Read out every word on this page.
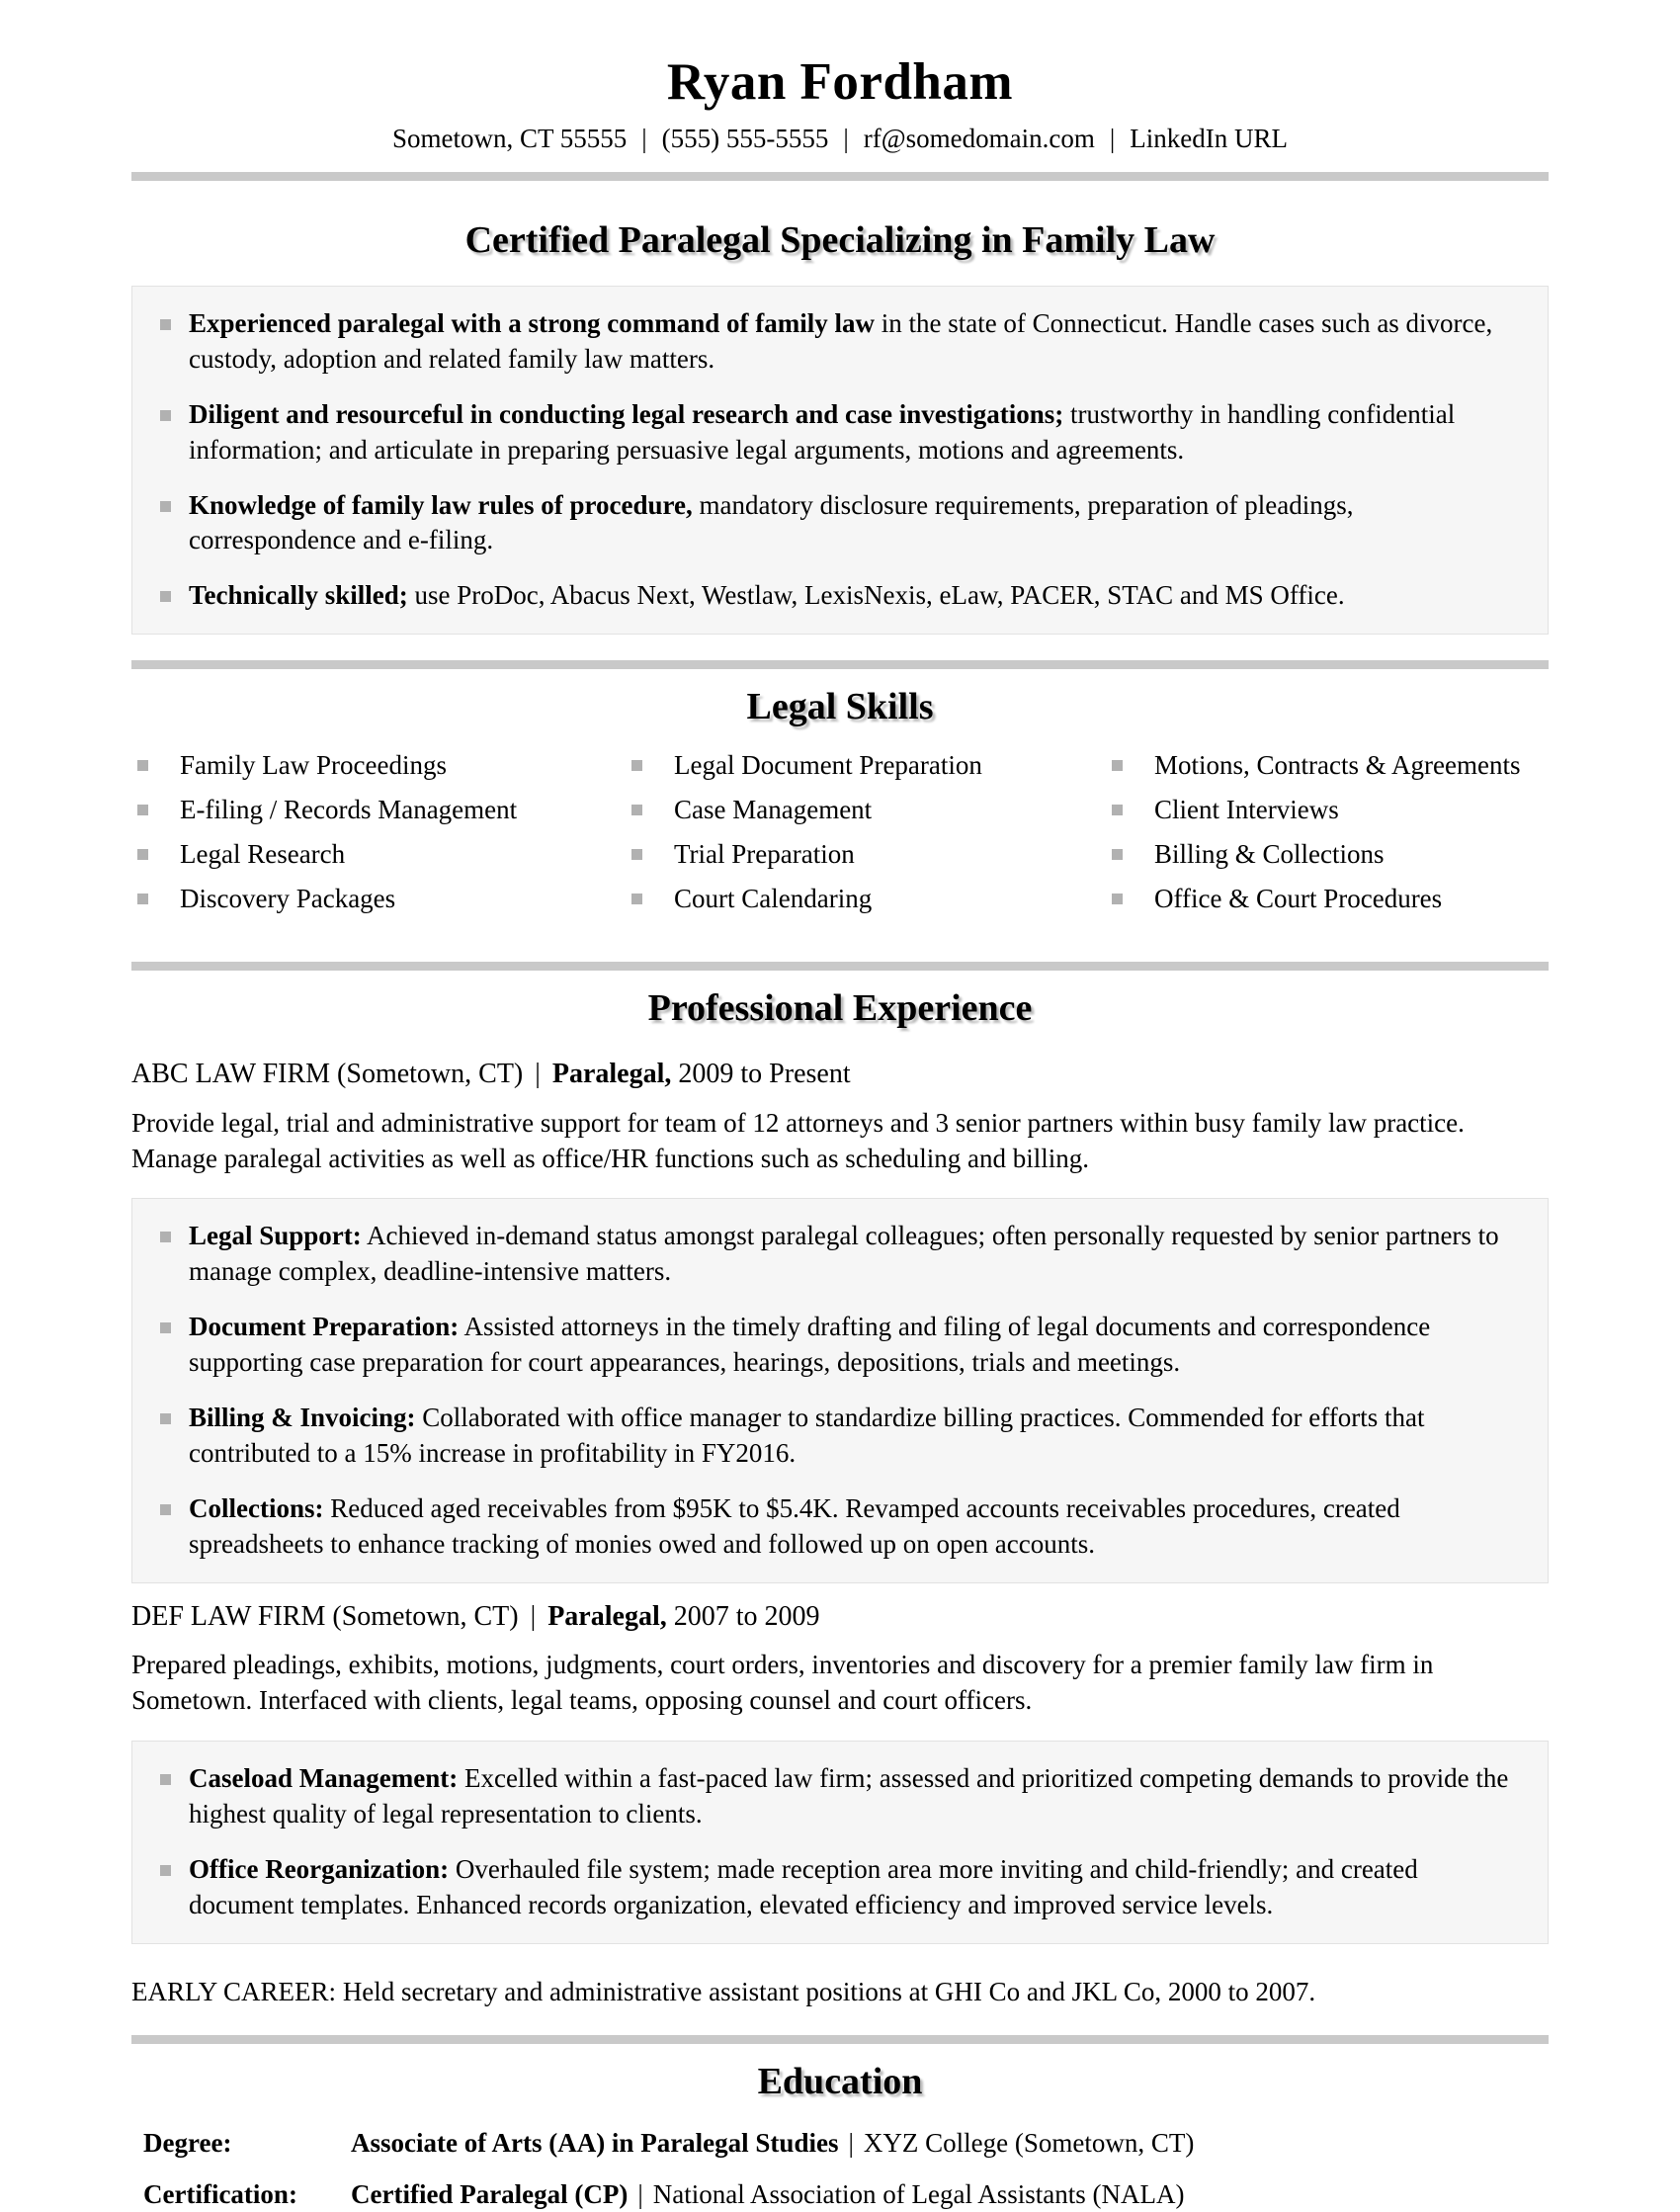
Ryan Fordham
Sometown, CT 55555 | (555) 555-5555 | rf@somedomain.com | LinkedIn URL
Certified Paralegal Specializing in Family Law
Experienced paralegal with a strong command of family law in the state of Connecticut. Handle cases such as divorce, custody, adoption and related family law matters.
Diligent and resourceful in conducting legal research and case investigations; trustworthy in handling confidential information; and articulate in preparing persuasive legal arguments, motions and agreements.
Knowledge of family law rules of procedure, mandatory disclosure requirements, preparation of pleadings, correspondence and e-filing.
Technically skilled; use ProDoc, Abacus Next, Westlaw, LexisNexis, eLaw, PACER, STAC and MS Office.
Legal Skills
Family Law Proceedings
E-filing / Records Management
Legal Research
Discovery Packages
Legal Document Preparation
Case Management
Trial Preparation
Court Calendaring
Motions, Contracts & Agreements
Client Interviews
Billing & Collections
Office & Court Procedures
Professional Experience
ABC LAW FIRM (Sometown, CT) | Paralegal, 2009 to Present
Provide legal, trial and administrative support for team of 12 attorneys and 3 senior partners within busy family law practice. Manage paralegal activities as well as office/HR functions such as scheduling and billing.
Legal Support: Achieved in-demand status amongst paralegal colleagues; often personally requested by senior partners to manage complex, deadline-intensive matters.
Document Preparation: Assisted attorneys in the timely drafting and filing of legal documents and correspondence supporting case preparation for court appearances, hearings, depositions, trials and meetings.
Billing & Invoicing: Collaborated with office manager to standardize billing practices. Commended for efforts that contributed to a 15% increase in profitability in FY2016.
Collections: Reduced aged receivables from $95K to $5.4K. Revamped accounts receivables procedures, created spreadsheets to enhance tracking of monies owed and followed up on open accounts.
DEF LAW FIRM (Sometown, CT) | Paralegal, 2007 to 2009
Prepared pleadings, exhibits, motions, judgments, court orders, inventories and discovery for a premier family law firm in Sometown. Interfaced with clients, legal teams, opposing counsel and court officers.
Caseload Management: Excelled within a fast-paced law firm; assessed and prioritized competing demands to provide the highest quality of legal representation to clients.
Office Reorganization: Overhauled file system; made reception area more inviting and child-friendly; and created document templates. Enhanced records organization, elevated efficiency and improved service levels.
EARLY CAREER: Held secretary and administrative assistant positions at GHI Co and JKL Co, 2000 to 2007.
Education
Degree:	Associate of Arts (AA) in Paralegal Studies | XYZ College (Sometown, CT)
Certification:	Certified Paralegal (CP) | National Association of Legal Assistants (NALA)
